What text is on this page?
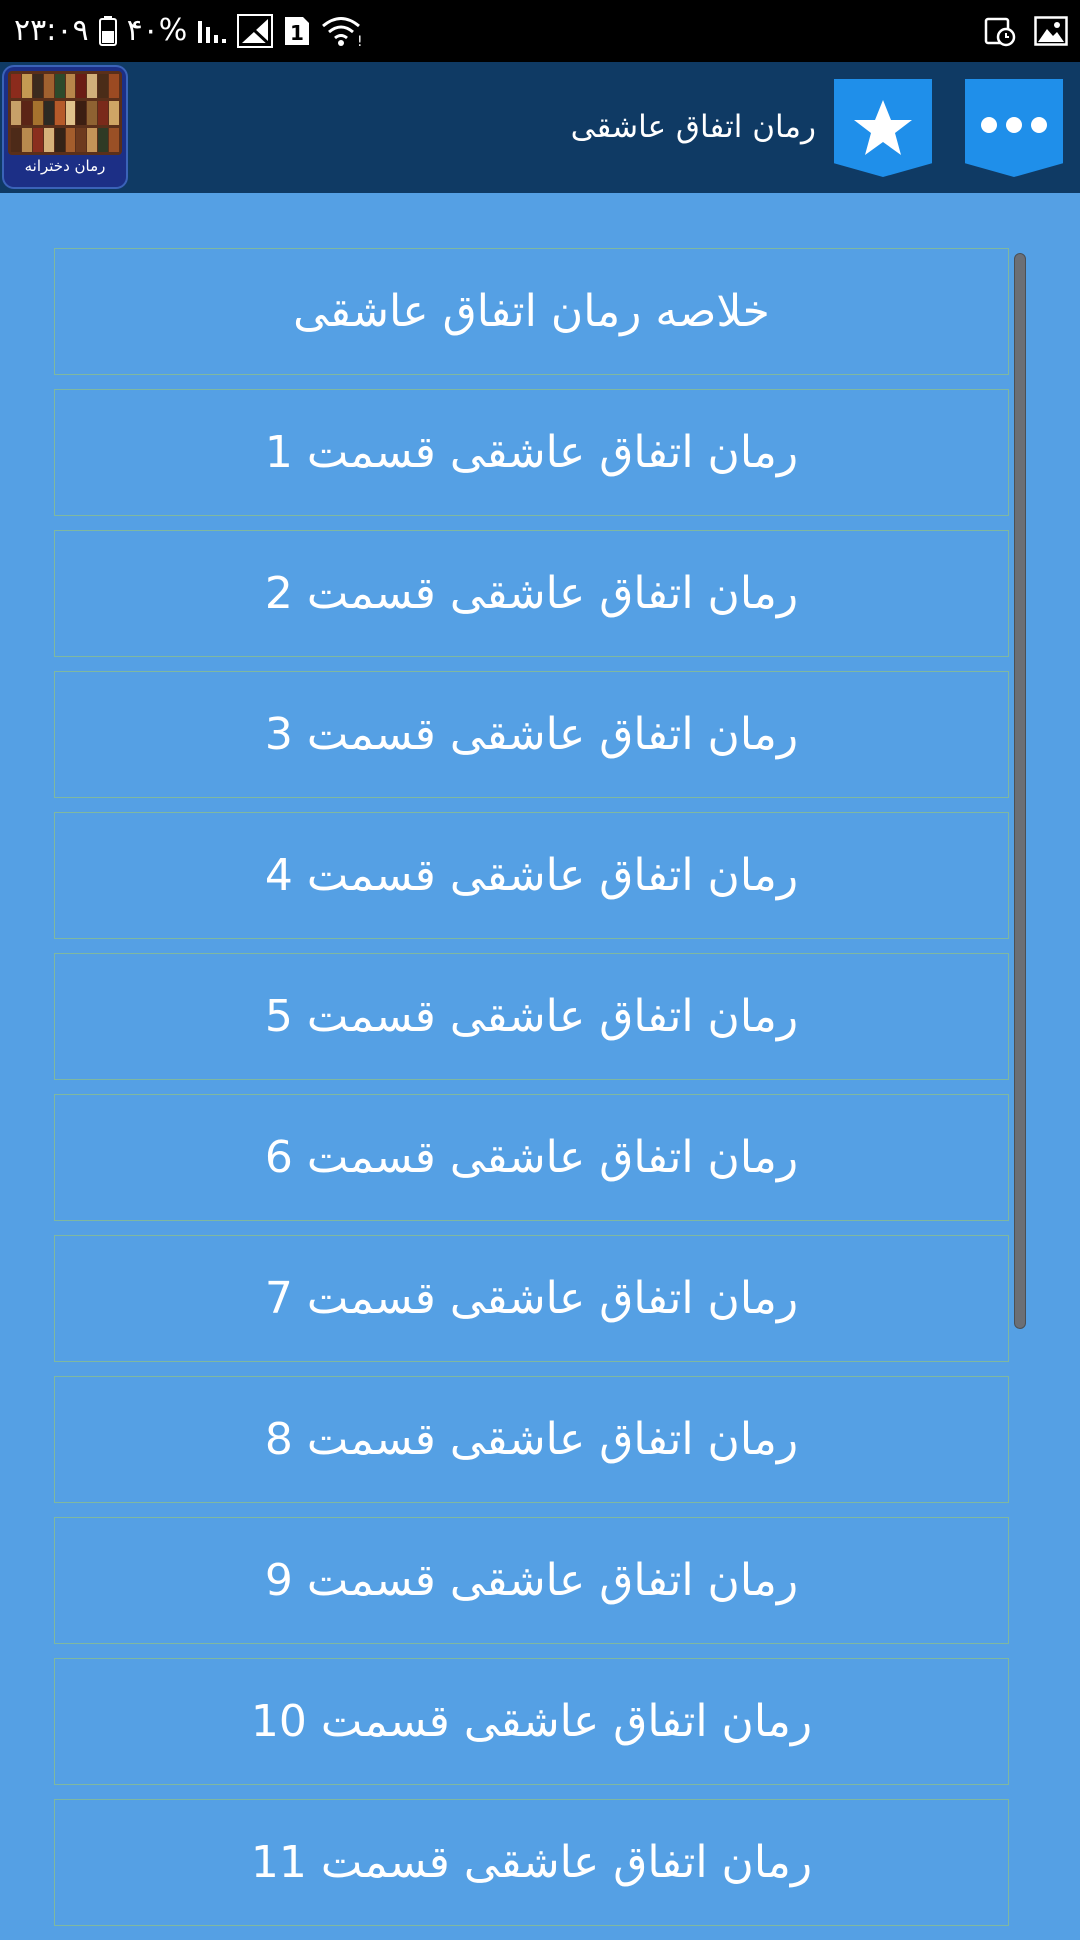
۲۳:۰۹ ۴۰%	1	!
رمان دخترانه
رمان اتفاق عاشقی
خلاصه رمان اتفاق عاشقی
رمان اتفاق عاشقی قسمت 1
رمان اتفاق عاشقی قسمت 2
رمان اتفاق عاشقی قسمت 3
رمان اتفاق عاشقی قسمت 4
رمان اتفاق عاشقی قسمت 5
رمان اتفاق عاشقی قسمت 6
رمان اتفاق عاشقی قسمت 7
رمان اتفاق عاشقی قسمت 8
رمان اتفاق عاشقی قسمت 9
رمان اتفاق عاشقی قسمت 10
رمان اتفاق عاشقی قسمت 11
